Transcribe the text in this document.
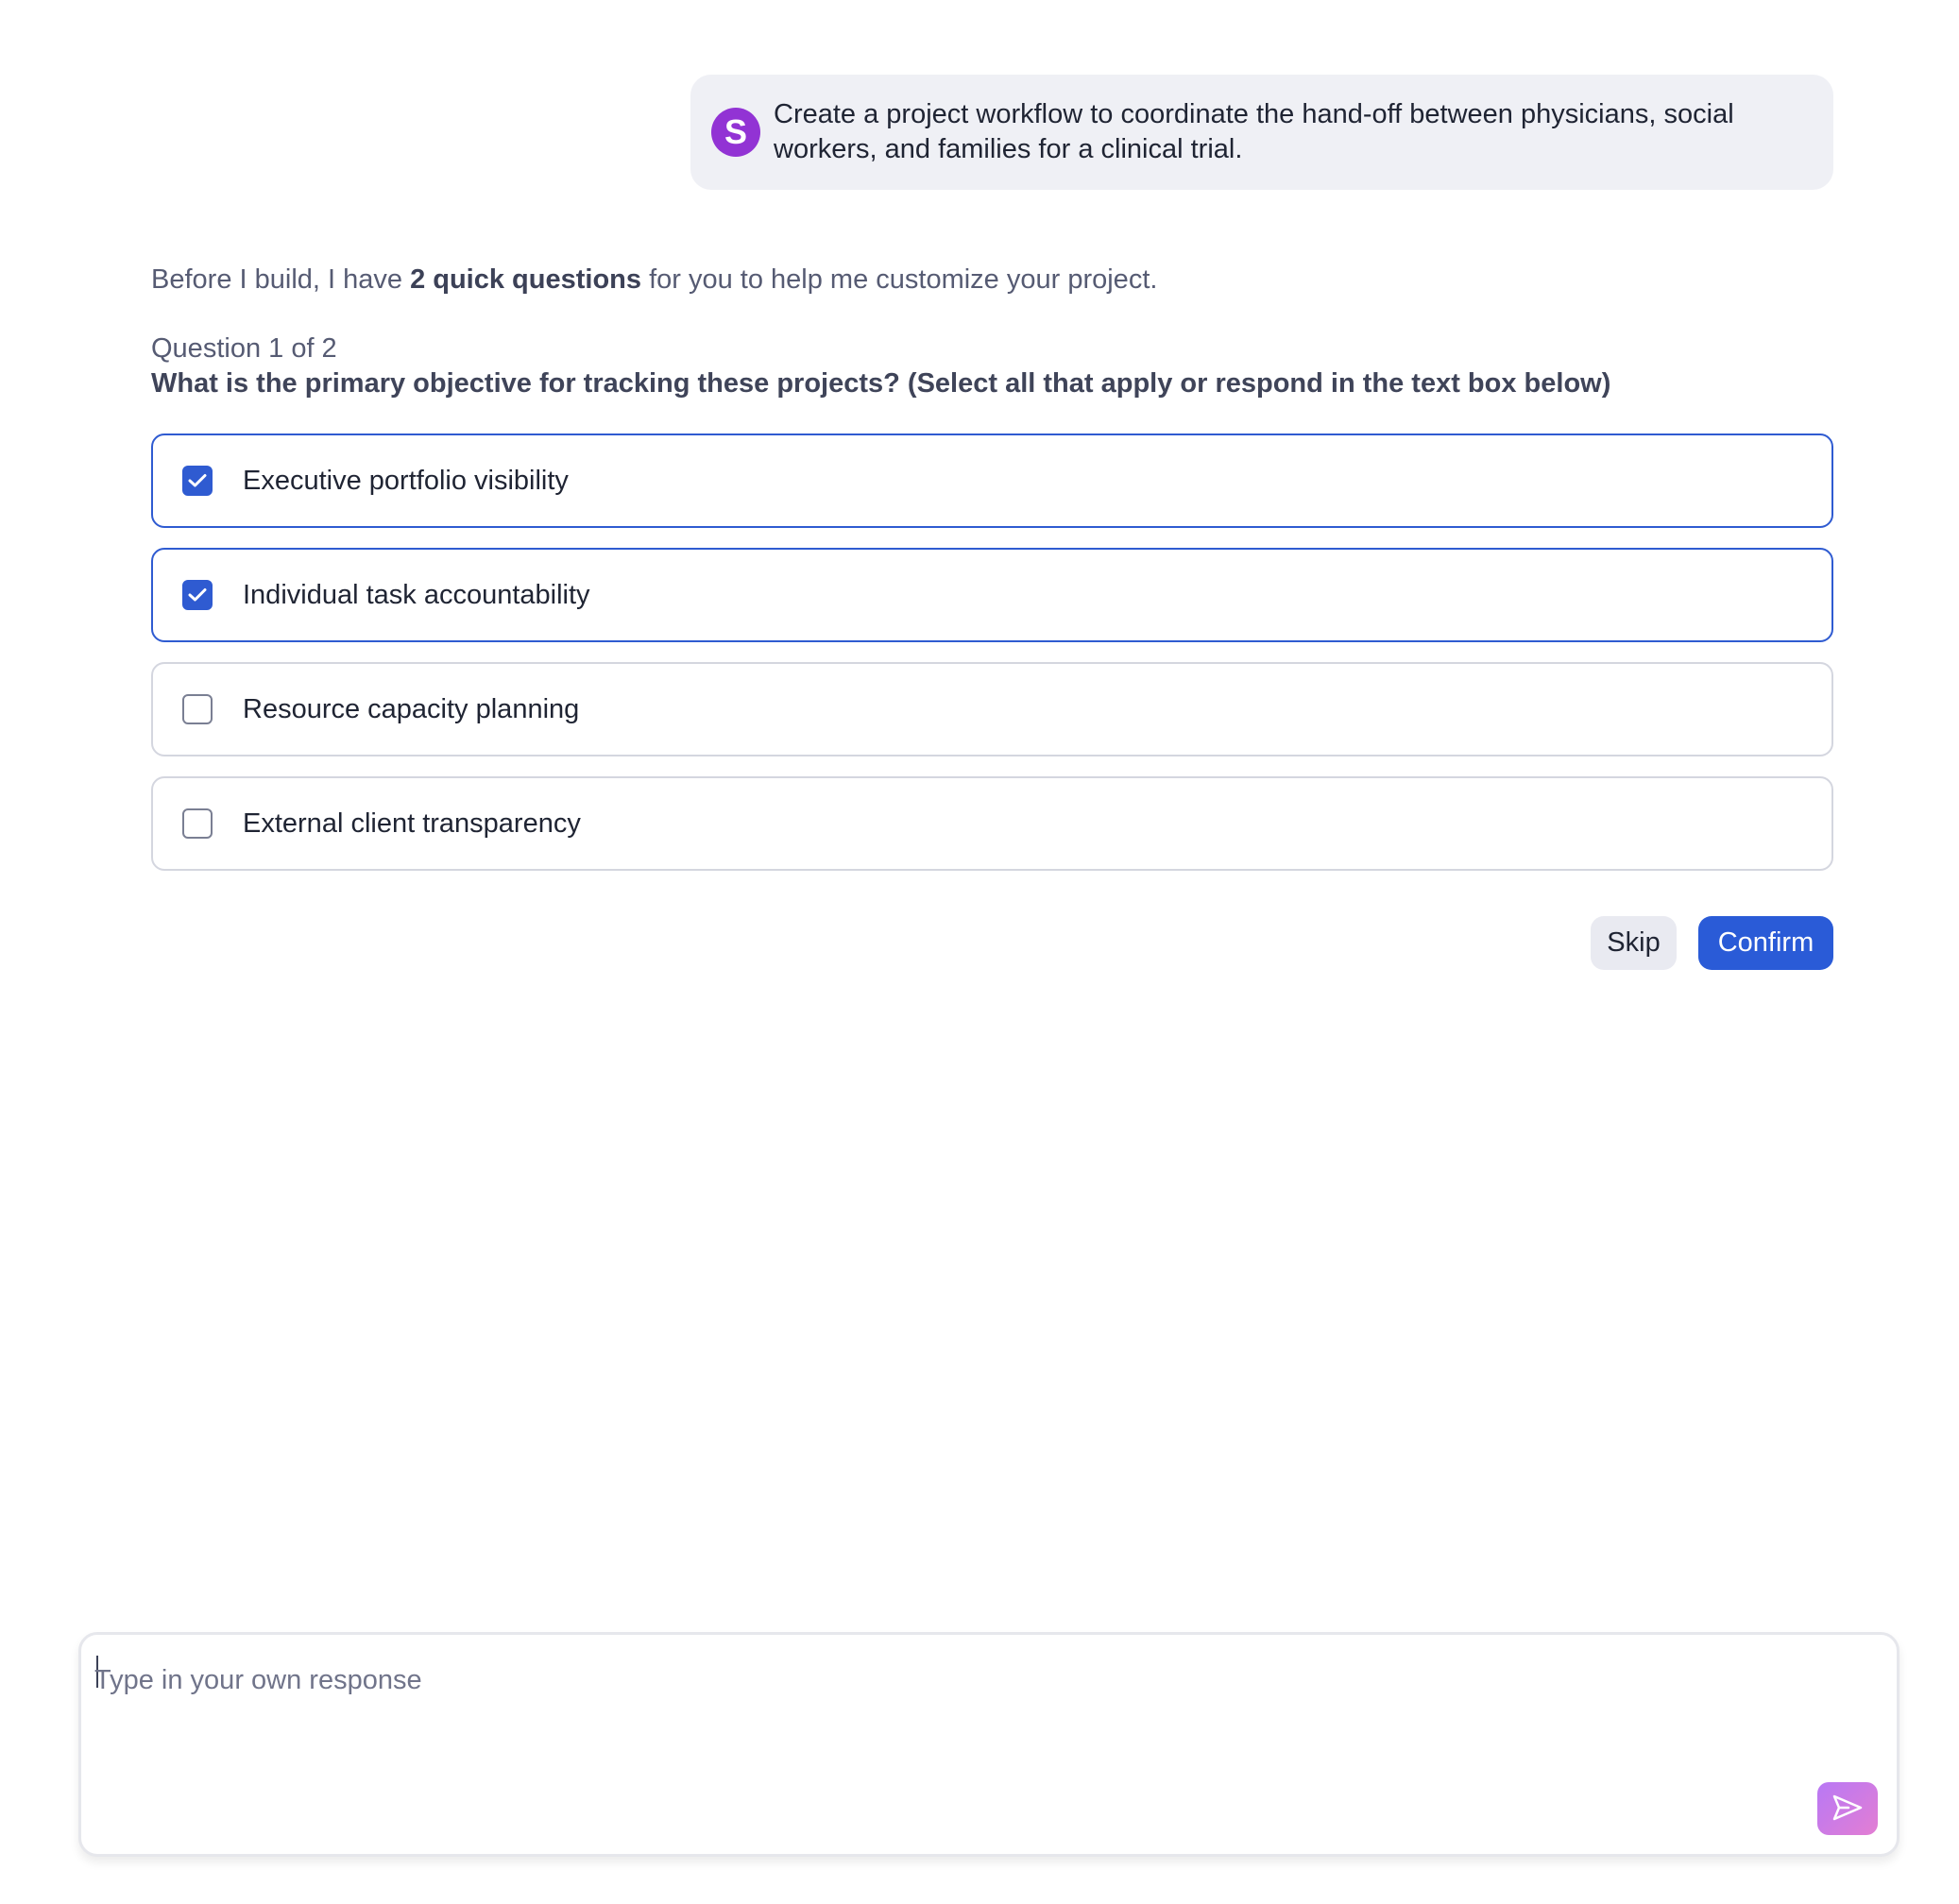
S Create a project workflow to coordinate the hand-off between physicians, social workers, and families for a clinical trial.
Before I build, I have 2 quick questions for you to help me customize your project.
Question 1 of 2
What is the primary objective for tracking these projects? (Select all that apply or respond in the text box below)
Executive portfolio visibility
Individual task accountability
Resource capacity planning
External client transparency
Skip	Confirm
Type in your own response
